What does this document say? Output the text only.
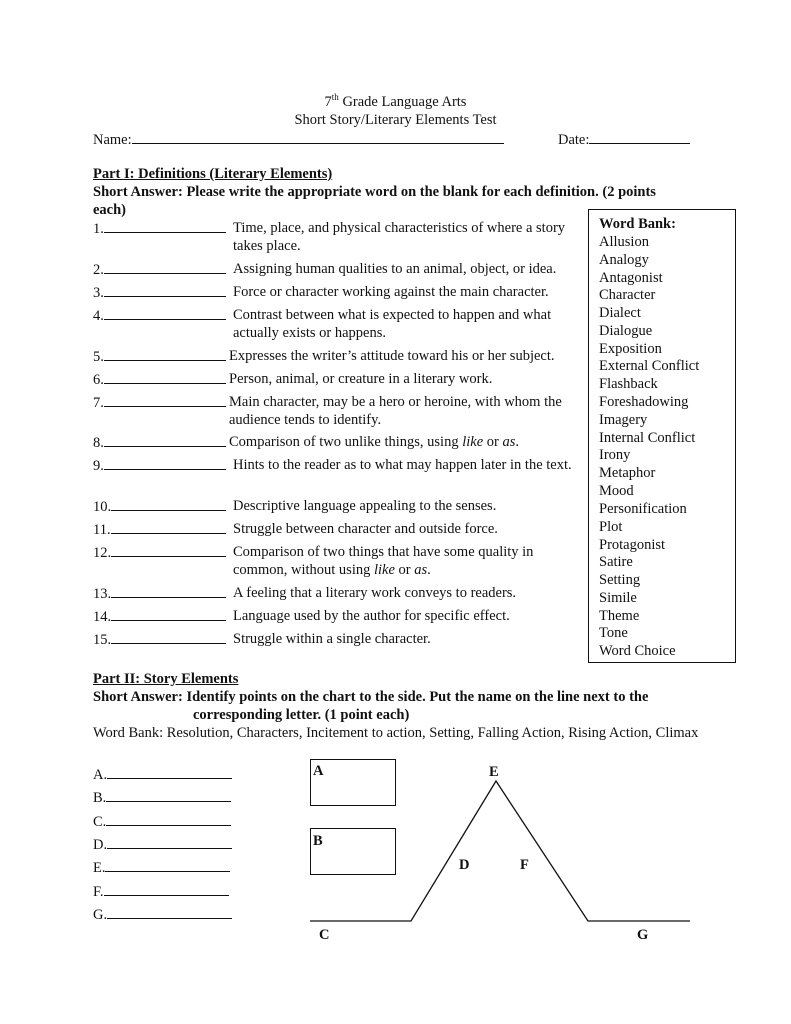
7th Grade Language Arts
Short Story/Literary Elements Test
Name:	Date:
Part I: Definitions (Literary Elements)
Short Answer: Please write the appropriate word on the blank for each definition. (2 points
each)
1.	Time, place, and physical characteristics of where a story takes place.
2.	Assigning human qualities to an animal, object, or idea.
3.	Force or character working against the main character.
4.	Contrast between what is expected to happen and what actually exists or happens.
5.	Expresses the writer’s attitude toward his or her subject.
6.	Person, animal, or creature in a literary work.
7.	Main character, may be a hero or heroine, with whom the audience tends to identify.
8.	Comparison of two unlike things, using like or as.
9.	Hints to the reader as to what may happen later in the text.
10.	Descriptive language appealing to the senses.
11.	Struggle between character and outside force.
12.	Comparison of two things that have some quality in common, without using like or as.
13.	A feeling that a literary work conveys to readers.
14.	Language used by the author for specific effect.
15.	Struggle within a single character.
Word Bank:
Allusion
Analogy
Antagonist
Character
Dialect
Dialogue
Exposition
External Conflict
Flashback
Foreshadowing
Imagery
Internal Conflict
Irony
Metaphor
Mood
Personification
Plot
Protagonist
Satire
Setting
Simile
Theme
Tone
Word Choice
Part II: Story Elements
Short Answer: Identify points on the chart to the side. Put the name on the line next to the
corresponding letter. (1 point each)
Word Bank: Resolution, Characters, Incitement to action, Setting, Falling Action, Rising Action, Climax
A.
B.
C.
D.
E.
F.
G.
A
B
E
D	F
C	G
